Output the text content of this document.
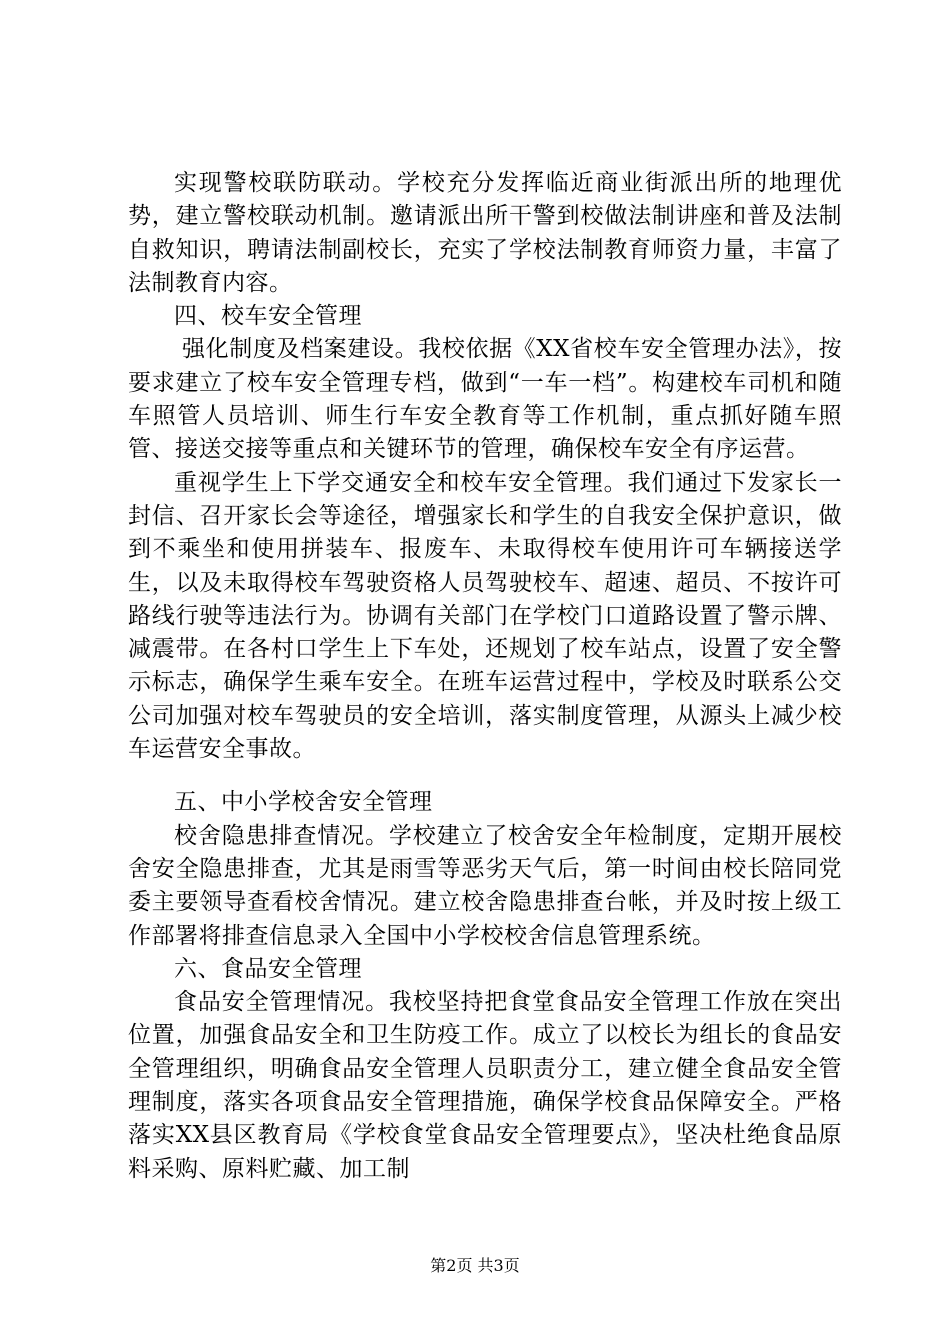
实现警校联防联动。学校充分发挥临近商业街派出所的地理优势，建立警校联动机制。邀请派出所干警到校做法制讲座和普及法制自救知识，聘请法制副校长，充实了学校法制教育师资力量，丰富了法制教育内容。

四、校车安全管理

强化制度及档案建设。我校依据《XX省校车安全管理办法》，按要求建立了校车安全管理专档，做到“一车一档”。构建校车司机和随车照管人员培训、师生行车安全教育等工作机制，重点抓好随车照管、接送交接等重点和关键环节的管理，确保校车安全有序运营。

重视学生上下学交通安全和校车安全管理。我们通过下发家长一封信、召开家长会等途径，增强家长和学生的自我安全保护意识，做到不乘坐和使用拼装车、报废车、未取得校车使用许可车辆接送学生，以及未取得校车驾驶资格人员驾驶校车、超速、超员、不按许可路线行驶等违法行为。协调有关部门在学校门口道路设置了警示牌、减震带。在各村口学生上下车处，还规划了校车站点，设置了安全警示标志，确保学生乘车安全。在班车运营过程中，学校及时联系公交公司加强对校车驾驶员的安全培训，落实制度管理，从源头上减少校车运营安全事故。

五、中小学校舍安全管理

校舍隐患排查情况。学校建立了校舍安全年检制度，定期开展校舍安全隐患排查，尤其是雨雪等恶劣天气后，第一时间由校长陪同党委主要领导查看校舍情况。建立校舍隐患排查台帐，并及时按上级工作部署将排查信息录入全国中小学校校舍信息管理系统。

六、食品安全管理

食品安全管理情况。我校坚持把食堂食品安全管理工作放在突出位置，加强食品安全和卫生防疫工作。成立了以校长为组长的食品安全管理组织，明确食品安全管理人员职责分工，建立健全食品安全管理制度，落实各项食品安全管理措施，确保学校食品保障安全。严格落实XX县区教育局《学校食堂食品安全管理要点》，坚决杜绝食品原料采购、原料贮藏、加工制

第2页 共3页
